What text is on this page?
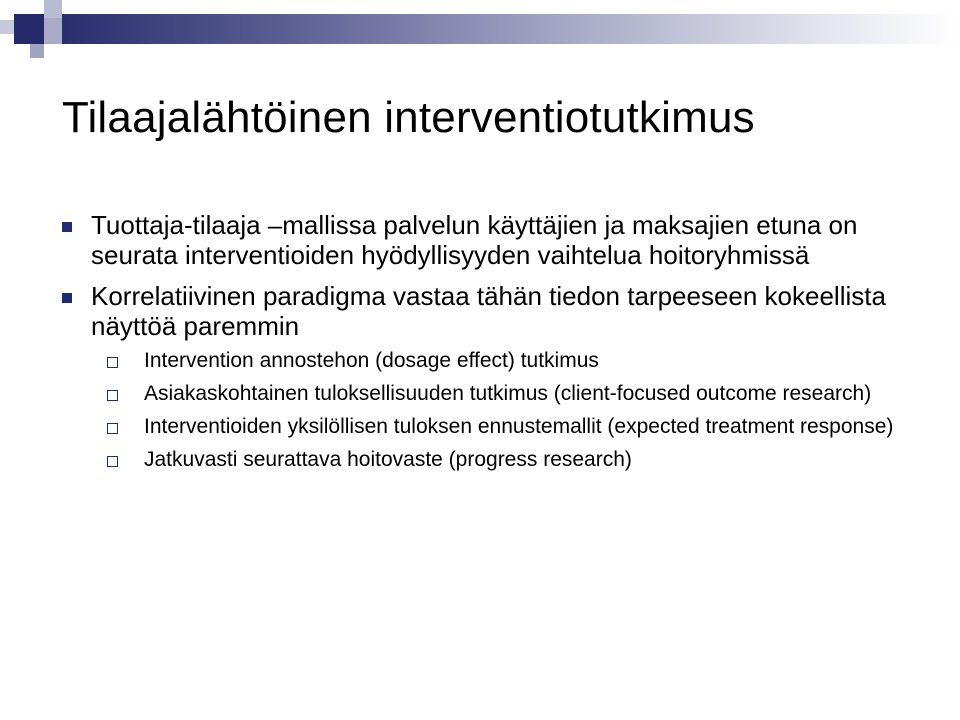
Tilaajalähtöinen interventiotutkimus
Tuottaja-tilaaja –mallissa palvelun käyttäjien ja maksajien etuna on seurata interventioiden hyödyllisyyden vaihtelua hoitoryhmissä
Korrelatiivinen paradigma vastaa tähän tiedon tarpeeseen kokeellista näyttöä paremmin
Intervention annostehon (dosage effect) tutkimus
Asiakaskohtainen tuloksellisuuden tutkimus (client-focused outcome research)
Interventioiden yksilöllisen tuloksen ennustemallit (expected treatment response)
Jatkuvasti seurattava hoitovaste (progress research)
